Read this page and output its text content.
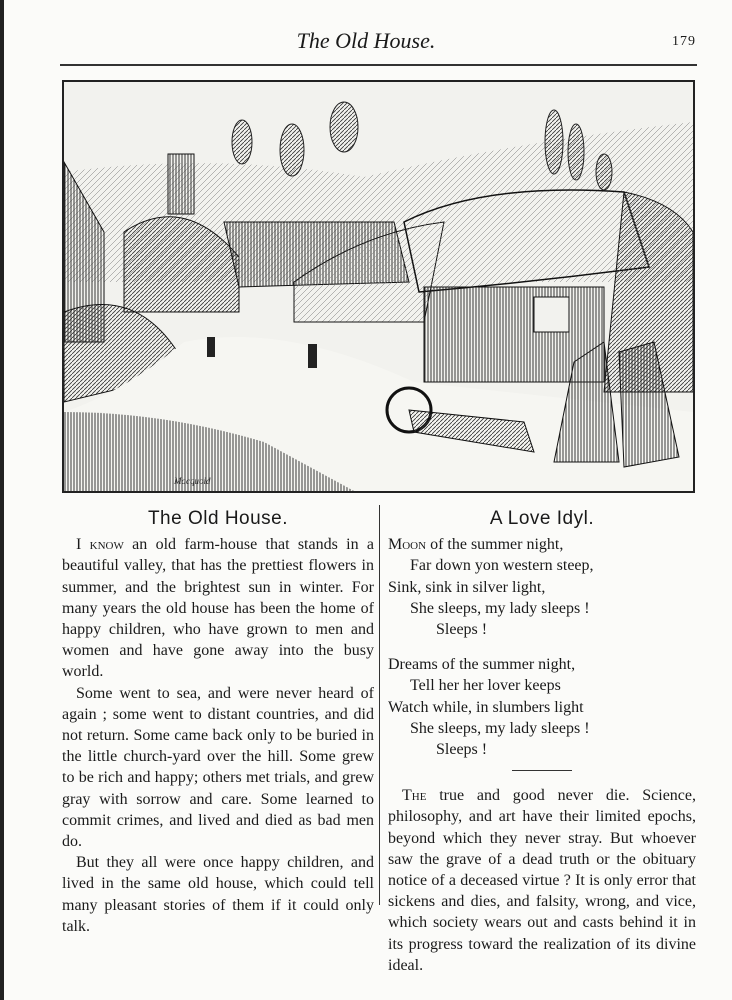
The Old House.	179
Macquoid
The Old House.

I know an old farm-house that stands in a beautiful valley, that has the prettiest flowers in summer, and the brightest sun in winter. For many years the old house has been the home of happy children, who have grown to men and women and have gone away into the busy world.

Some went to sea, and were never heard of again ; some went to distant countries, and did not return. Some came back only to be buried in the little church-yard over the hill. Some grew to be rich and happy; others met trials, and grew gray with sorrow and care. Some learned to commit crimes, and lived and died as bad men do.

But they all were once happy children, and lived in the same old house, which could tell many pleasant stories of them if it could only talk.

A Love Idyl.
Moon of the summer night,
Far down yon western steep,
Sink, sink in silver light,
She sleeps, my lady sleeps !
Sleeps !
Dreams of the summer night,
Tell her her lover keeps
Watch while, in slumbers light
She sleeps, my lady sleeps !
Sleeps !

The true and good never die. Science, philosophy, and art have their limited epochs, beyond which they never stray. But whoever saw the grave of a dead truth or the obituary notice of a deceased virtue ? It is only error that sickens and dies, and falsity, wrong, and vice, which society wears out and casts behind it in its progress toward the realization of its divine ideal.
